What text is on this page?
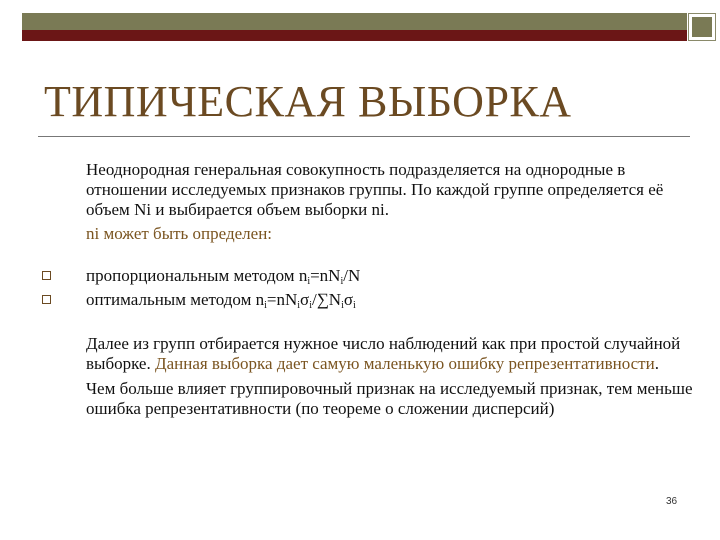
ТИПИЧЕСКАЯ ВЫБОРКА

Неоднородная генеральная совокупность подразделяется на однородные в отношении исследуемых признаков группы. По каждой группе определяется её объем Ni и выбирается объем выборки ni.

ni может быть определен:

пропорциональным методом $n_i=nN_i/N$
оптимальным методом $n_i=nN_i\sigma_i/\sum N_i\sigma_i$

Далее из групп отбирается нужное число наблюдений как при простой случайной выборке. Данная выборка дает самую маленькую ошибку репрезентативности.

Чем больше влияет группировочный признак на исследуемый признак, тем меньше ошибка репрезентативности (по теореме о сложении дисперсий)

36
